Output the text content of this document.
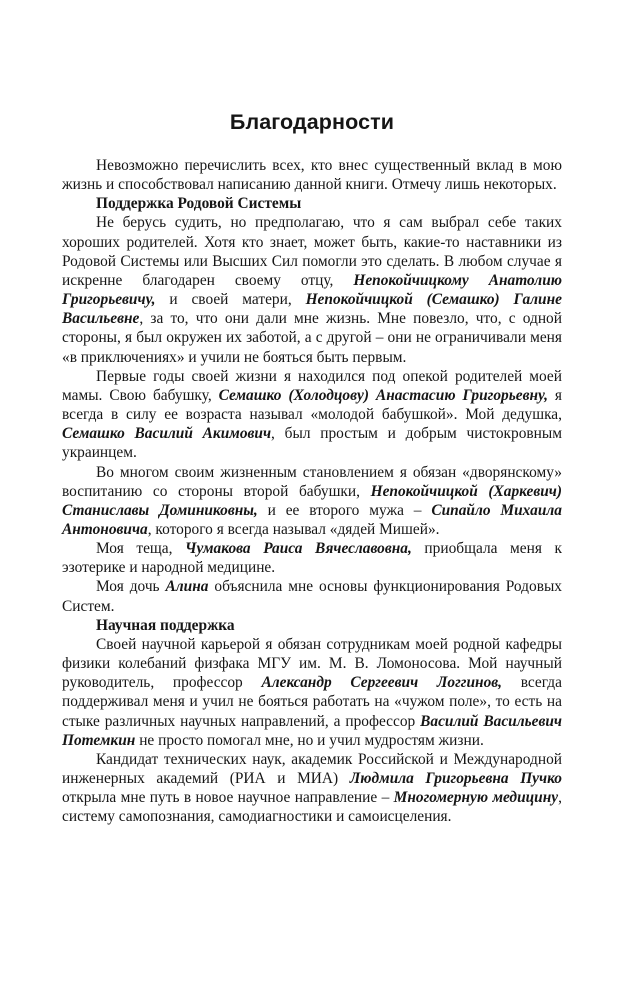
Благодарности

Невозможно перечислить всех, кто внес существенный вклад в мою жизнь и способствовал написанию данной книги. Отмечу лишь некоторых.

Поддержка Родовой Системы

Не берусь судить, но предполагаю, что я сам выбрал себе таких хороших родителей. Хотя кто знает, может быть, какие-то наставники из Родовой Системы или Высших Сил помогли это сделать. В любом случае я искренне благодарен своему отцу, Непокойчицкому Анатолию Григорьевичу, и своей матери, Непокойчицкой (Семашко) Галине Васильевне, за то, что они дали мне жизнь. Мне повезло, что, с одной стороны, я был окружен их заботой, а с другой – они не ограничивали меня «в приключениях» и учили не бояться быть первым.

Первые годы своей жизни я находился под опекой родителей моей мамы. Свою бабушку, Семашко (Холодцову) Анастасию Григорьевну, я всегда в силу ее возраста называл «молодой бабушкой». Мой дедушка, Семашко Василий Акимович, был простым и добрым чистокровным украинцем.

Во многом своим жизненным становлением я обязан «дворянскому» воспитанию со стороны второй бабушки, Непокойчицкой (Харкевич) Станиславы Доминиковны, и ее второго мужа – Сипайло Михаила Антоновича, которого я всегда называл «дядей Мишей».

Моя теща, Чумакова Раиса Вячеславовна, приобщала меня к эзотерике и народной медицине.

Моя дочь Алина объяснила мне основы функционирования Родовых Систем.

Научная поддержка

Своей научной карьерой я обязан сотрудникам моей родной кафедры физики колебаний физфака МГУ им. М. В. Ломоносова. Мой научный руководитель, профессор Александр Сергеевич Логгинов, всегда поддерживал меня и учил не бояться работать на «чужом поле», то есть на стыке различных научных направлений, а профессор Василий Васильевич Потемкин не просто помогал мне, но и учил мудростям жизни.

Кандидат технических наук, академик Российской и Международной инженерных академий (РИА и МИА) Людмила Григорьевна Пучко открыла мне путь в новое научное направление – Многомерную медицину, систему самопознания, самодиагностики и самоисцеления.
